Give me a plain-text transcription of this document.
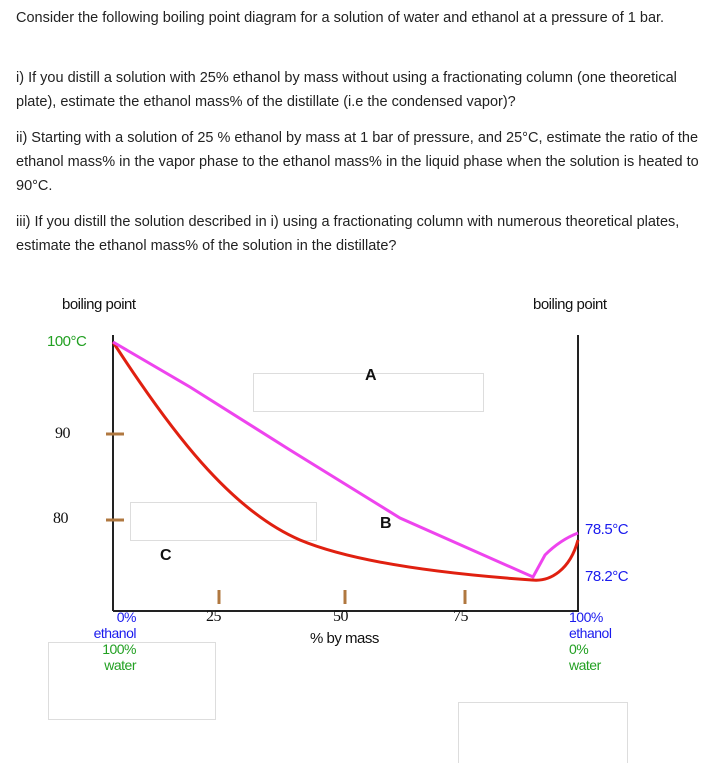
Consider the following boiling point diagram for a solution of water and ethanol at a pressure of 1 bar.
i) If you distill a solution with 25% ethanol by mass without using a fractionating column (one theoretical plate), estimate the ethanol mass% of the distillate (i.e the condensed vapor)?
ii) Starting with a solution of 25 % ethanol by mass at 1 bar of pressure, and 25°C, estimate the ratio of the ethanol mass% in the vapor phase to the ethanol mass% in the liquid phase when the solution is heated to 90°C.
iii) If you distill the solution described in i) using a fractionating column with numerous theoretical plates, estimate the ethanol mass% of the solution in the distillate?
boiling point	boiling point
100°C
90
80
78.5°C
78.2°C
A
B
C
25	50	75
% by mass
0%
ethanol
100%
water
100%
ethanol
0%
water
